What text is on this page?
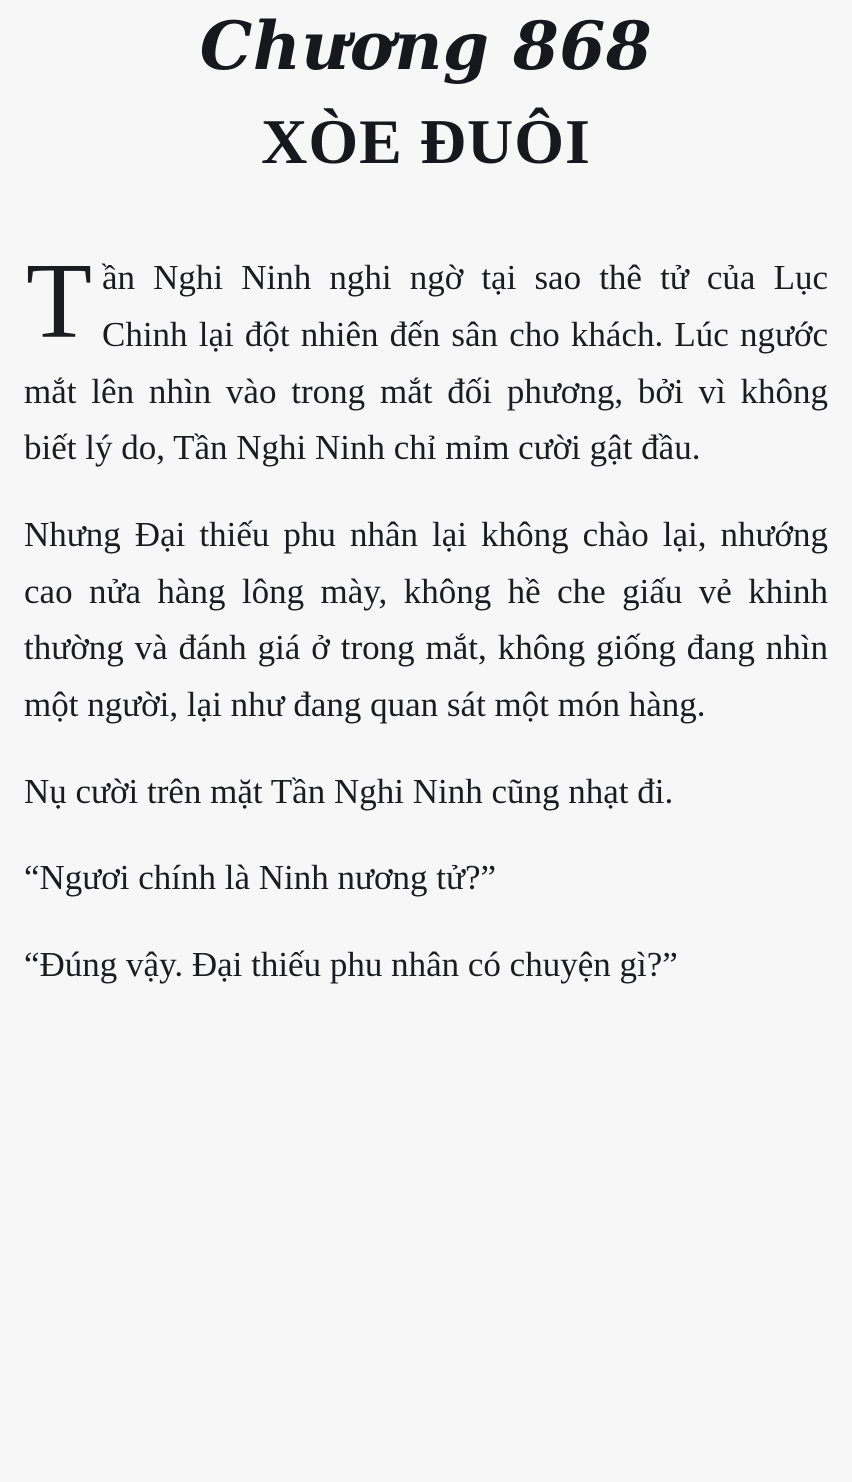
Chương 868
XÒE ĐUÔI

Tần Nghi Ninh nghi ngờ tại sao thê tử của Lục Chinh lại đột nhiên đến sân cho khách. Lúc ngước mắt lên nhìn vào trong mắt đối phương, bởi vì không biết lý do, Tần Nghi Ninh chỉ mỉm cười gật đầu.

Nhưng Đại thiếu phu nhân lại không chào lại, nhướng cao nửa hàng lông mày, không hề che giấu vẻ khinh thường và đánh giá ở trong mắt, không giống đang nhìn một người, lại như đang quan sát một món hàng.

Nụ cười trên mặt Tần Nghi Ninh cũng nhạt đi.

“Ngươi chính là Ninh nương tử?”

“Đúng vậy. Đại thiếu phu nhân có chuyện gì?”
